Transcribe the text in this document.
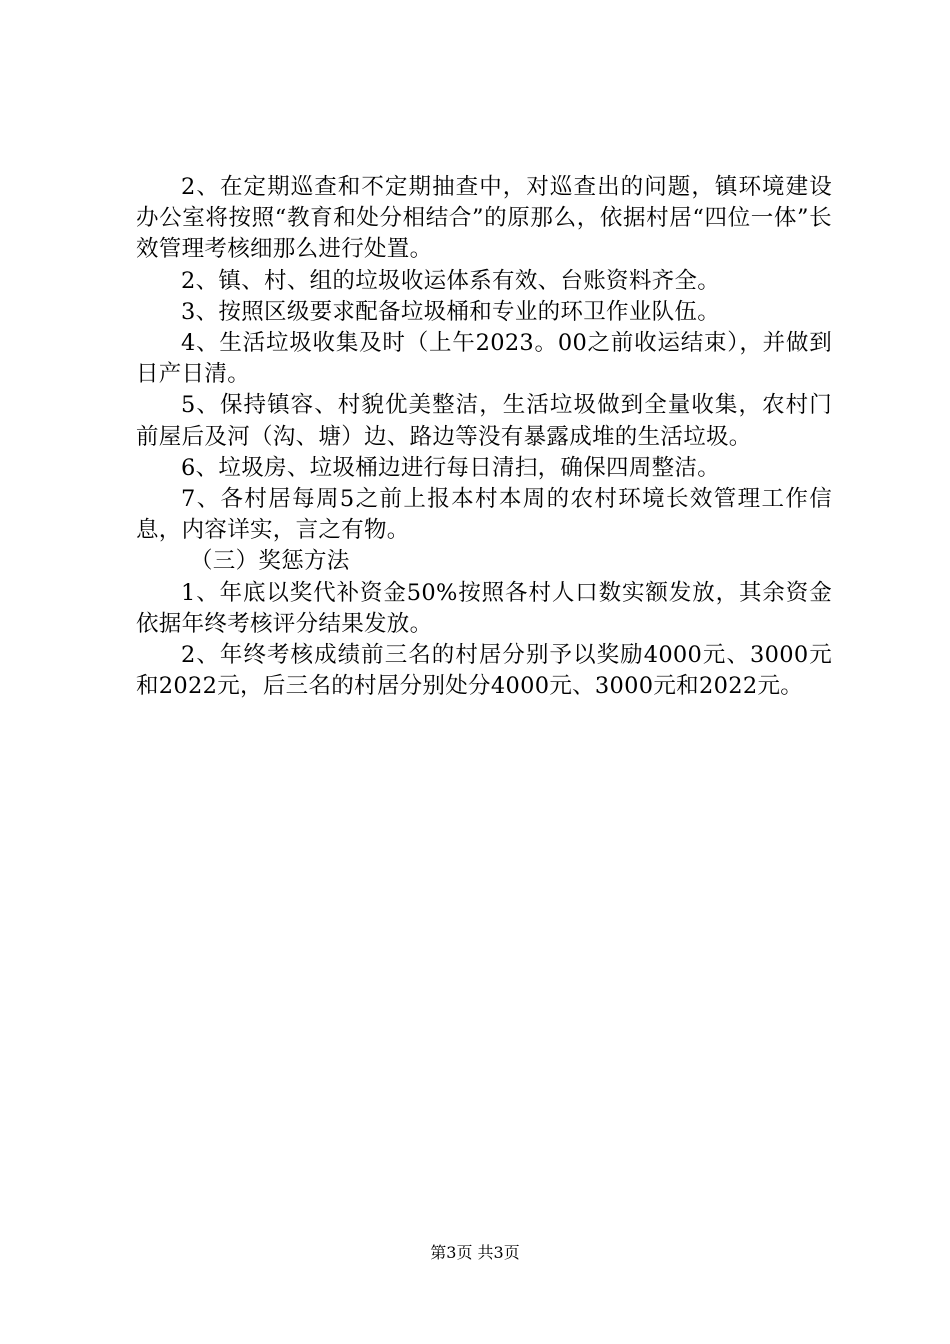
2、在定期巡查和不定期抽查中，对巡查出的问题，镇环境建设办公室将按照“教育和处分相结合”的原那么，依据村居“四位一体”长效管理考核细那么进行处置。

2、镇、村、组的垃圾收运体系有效、台账资料齐全。

3、按照区级要求配备垃圾桶和专业的环卫作业队伍。

4、生活垃圾收集及时（上午2023。00之前收运结束），并做到日产日清。

5、保持镇容、村貌优美整洁，生活垃圾做到全量收集，农村门前屋后及河（沟、塘）边、路边等没有暴露成堆的生活垃圾。

6、垃圾房、垃圾桶边进行每日清扫，确保四周整洁。

7、各村居每周5之前上报本村本周的农村环境长效管理工作信息，内容详实，言之有物。

（三）奖惩方法

1、年底以奖代补资金50%按照各村人口数实额发放，其余资金依据年终考核评分结果发放。

2、年终考核成绩前三名的村居分别予以奖励4000元、3000元和2022元，后三名的村居分别处分4000元、3000元和2022元。

第3页 共3页
